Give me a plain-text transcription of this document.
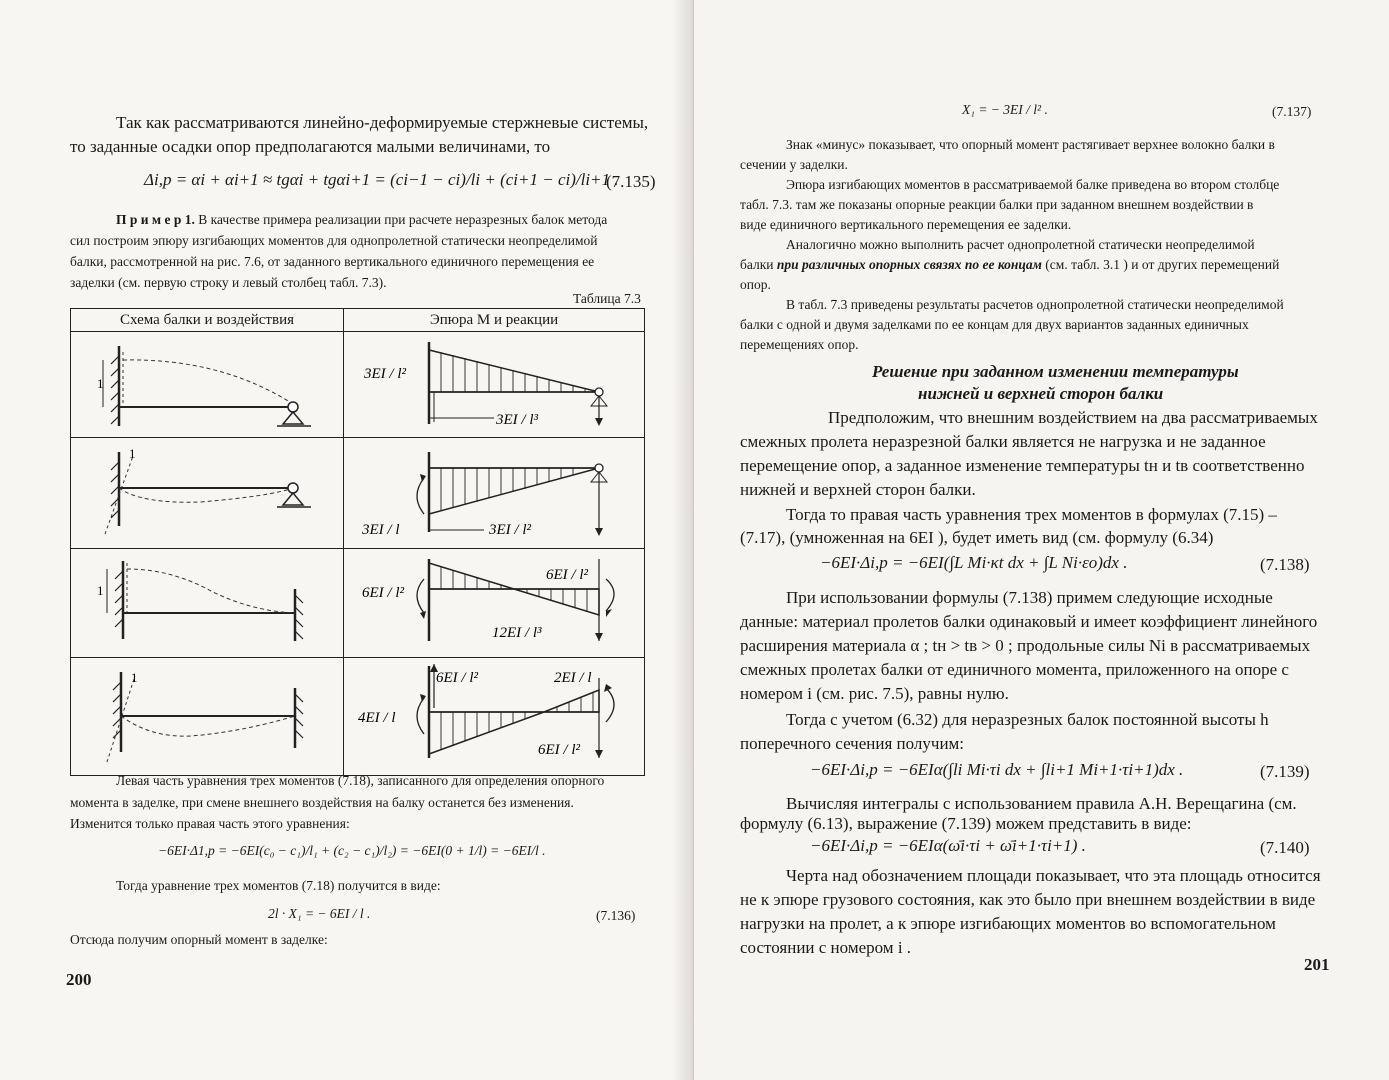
Так как рассматриваются линейно-деформируемые стержневые системы,
то заданные осадки опор предполагаются малыми величинами, то
Δi,p = αi + αi+1 ≈ tgαi + tgαi+1 = (ci−1 − ci)/li + (ci+1 − ci)/li+1 .
(7.135)
П р и м е р 1. В качестве примера реализации при расчете неразрезных балок метода
сил построим эпюру изгибающих моментов для однопролетной статически неопределимой
балки, рассмотренной на рис. 7.6, от заданного вертикального единичного перемещения ее
заделки (см. первую строку и левый столбец табл. 7.3).
Таблица 7.3
Схема балки и воздействия	Эпюра M и реакции

1	3EI / l²
3EI / l³

1	3EI / l 3EI / l²

1	6EI / l²
6EI / l²
12EI / l³

1	6EI / l² 2EI / l
4EI / l
6EI / l²
Левая часть уравнения трех моментов (7.18), записанного для определения опорного
момента в заделке, при смене внешнего воздействия на балку останется без изменения.
Изменится только правая часть этого уравнения:
−6EI·Δ1,p = −6EI(c₀ − c₁)/l₁ + (c₂ − c₁)/l₂) = −6EI(0 + 1/l) = −6EI/l .
Тогда уравнение трех моментов (7.18) получится в виде:
2l · X₁ = − 6EI / l .	(7.136)
Отсюда получим опорный момент в заделке:
200
X₁ = − 3EI / l² .	(7.137)
Знак «минус» показывает, что опорный момент растягивает верхнее волокно балки в
сечении у заделки.
Эпюра изгибающих моментов в рассматриваемой балке приведена во втором столбце
табл. 7.3. там же показаны опорные реакции балки при заданном внешнем воздействии в
виде единичного вертикального перемещения ее заделки.
Аналогично можно выполнить расчет однопролетной статически неопределимой
балки при различных опорных связях по ее концам (см. табл. 3.1 ) и от других перемещений
опор.
В табл. 7.3 приведены результаты расчетов однопролетной статически неопределимой
балки с одной и двумя заделками по ее концам для двух вариантов заданных единичных
перемещениях опор.
Решение при заданном изменении температуры
нижней и верхней сторон балки
Предположим, что внешним воздействием на два рассматриваемых
смежных пролета неразрезной балки является не нагрузка и не заданное
перемещение опор, а заданное изменение температуры tн и tв соответственно
нижней и верхней сторон балки.
Тогда то правая часть уравнения трех моментов в формулах (7.15) –
(7.17), (умноженная на 6EI ), будет иметь вид (см. формулу (6.34)
−6EI·Δi,p = −6EI(∫L Mi·κt dx + ∫L Ni·εo)dx .	(7.138)
При использовании формулы (7.138) примем следующие исходные
данные: материал пролетов балки одинаковый и имеет коэффициент линейного
расширения материала α ; tн > tв > 0 ; продольные силы Ni в рассматриваемых
смежных пролетах балки от единичного момента, приложенного на опоре с
номером i (см. рис. 7.5), равны нулю.
Тогда с учетом (6.32) для неразрезных балок постоянной высоты h
поперечного сечения получим:
−6EI·Δi,p = −6EIα(∫li Mi·τi dx + ∫li+1 Mi+1·τi+1)dx .	(7.139)
Вычисляя интегралы с использованием правила А.Н. Верещагина (см.
формулу (6.13), выражение (7.139) можем представить в виде:
−6EI·Δi,p = −6EIα(ω̄i·τi + ω̄i+1·τi+1) .	(7.140)
Черта над обозначением площади показывает, что эта площадь относится
не к эпюре грузового состояния, как это было при внешнем воздействии в виде
нагрузки на пролет, а к эпюре изгибающих моментов во вспомогательном
состоянии с номером i .
201
